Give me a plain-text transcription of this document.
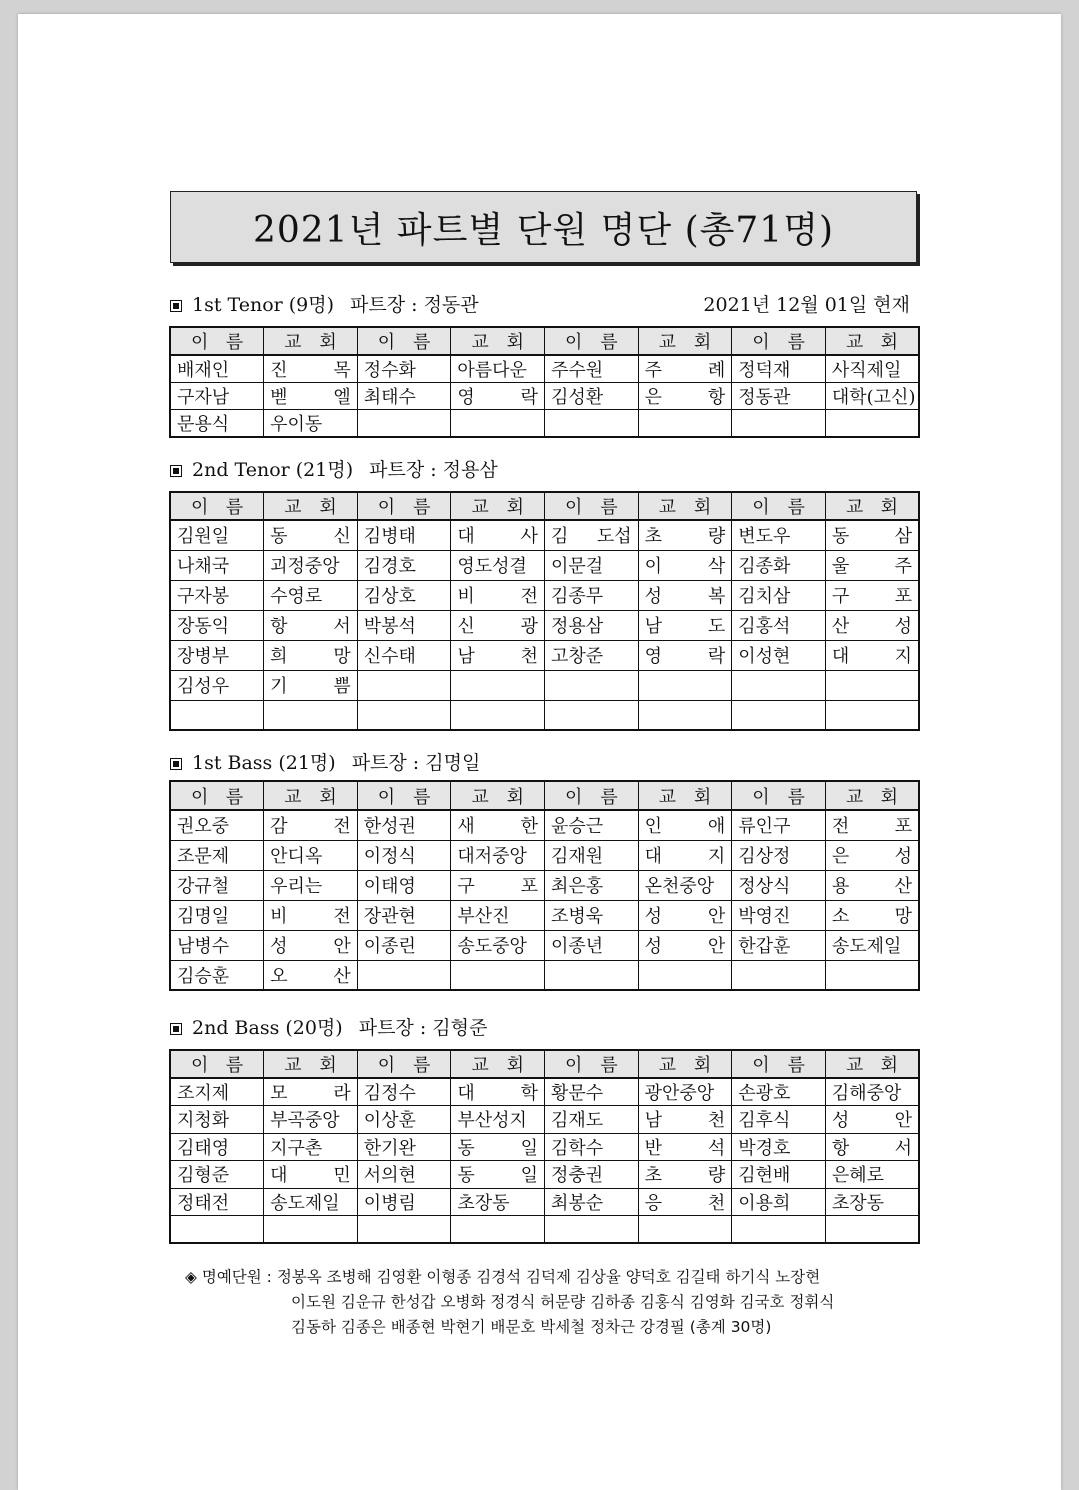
2021년 파트별 단원 명단 (총71명)
1st Tenor (9명) 파트장 : 정동관	2021년 12월 01일 현재
이 름	교 회	이 름	교 회	이 름	교 회	이 름	교 회
배재인	진 목	정수화	아름다운	주수원	주 례	정덕재	사직제일
구자남	벧 엘	최태수	영 락	김성환	은 항	정동관	대학(고신)
문용식	우이동						
2nd Tenor (21명) 파트장 : 정용삼
이 름	교 회	이 름	교 회	이 름	교 회	이 름	교 회
김원일	동 신	김병태	대 사	김 도섭	초 량	변도우	동 삼
나채국	괴정중앙	김경호	영도성결	이문걸	이 삭	김종화	울 주
구자봉	수영로	김상호	비 전	김종무	성 복	김치삼	구 포
장동익	항 서	박봉석	신 광	정용삼	남 도	김홍석	산 성
장병부	희 망	신수태	남 천	고창준	영 락	이성현	대 지
김성우	기 쁨						

1st Bass (21명) 파트장 : 김명일
이 름	교 회	이 름	교 회	이 름	교 회	이 름	교 회
권오중	감 전	한성권	새 한	윤승근	인 애	류인구	전 포
조문제	안디옥	이정식	대저중앙	김재원	대 지	김상정	은 성
강규철	우리는	이태영	구 포	최은홍	온천중앙	정상식	용 산
김명일	비 전	장관현	부산진	조병욱	성 안	박영진	소 망
남병수	성 안	이종린	송도중앙	이종년	성 안	한갑훈	송도제일
김승훈	오 산						
2nd Bass (20명) 파트장 : 김형준
이 름	교 회	이 름	교 회	이 름	교 회	이 름	교 회
조지제	모 라	김정수	대 학	황문수	광안중앙	손광호	김해중앙
지청화	부곡중앙	이상훈	부산성지	김재도	남 천	김후식	성 안
김태영	지구촌	한기완	동 일	김학수	반 석	박경호	항 서
김형준	대 민	서의현	동 일	정충권	초 량	김현배	은혜로
정태전	송도제일	이병림	초장동	최봉순	응 천	이용희	초장동

◈ 명예단원 : 정봉옥 조병해 김영환 이형종 김경석 김덕제 김상율 양덕호 김길태 하기식 노장현
이도원 김운규 한성갑 오병화 정경식 허문량 김하종 김홍식 김영화 김국호 정휘식
김동하 김종은 배종현 박현기 배문호 박세철 정차근 강경필 (총계 30명)
